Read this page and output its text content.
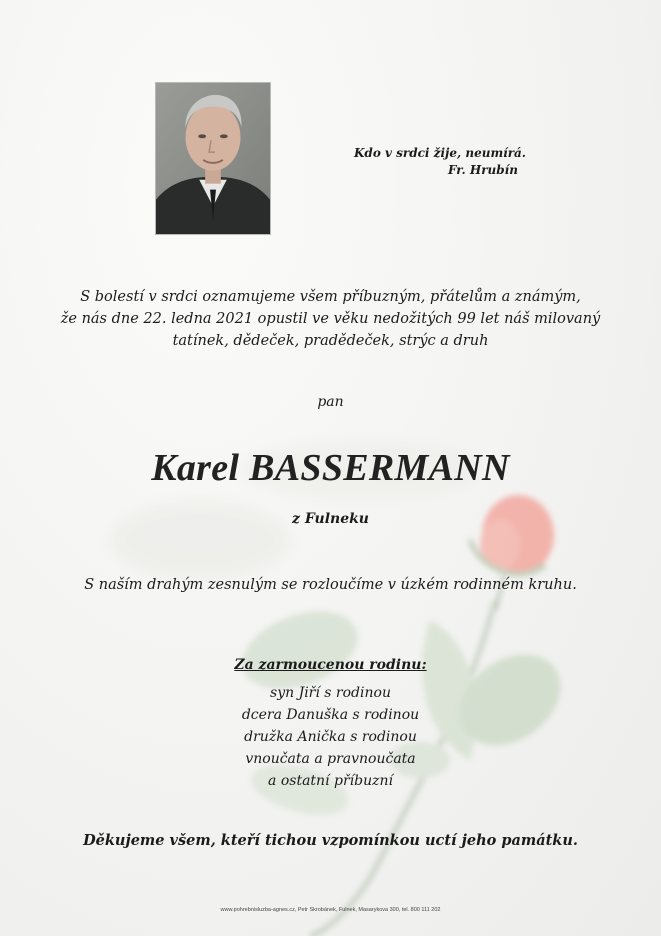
Kdo v srdci žije, neumírá.

Fr. Hrubín
S bolestí v srdci oznamujeme všem příbuzným, přátelům a známým,
že nás dne 22. ledna 2021 opustil ve věku nedožitých 99 let náš milovaný
tatínek, dědeček, pradědeček, strýc a druh
pan
Karel BASSERMANN
z Fulneku
S naším drahým zesnulým se rozloučíme v úzkém rodinném kruhu.
Za zarmoucenou rodinu:
syn Jiří s rodinou
dcera Danuška s rodinou
družka Anička s rodinou
vnoučata a pravnoučata
a ostatní příbuzní
Děkujeme všem, kteří tichou vzpomínkou uctí jeho památku.
www.pohrebnisluzba-agnes.cz, Petr Skrobánek, Fulnek, Masarykova 300, tel. 800 111 202
